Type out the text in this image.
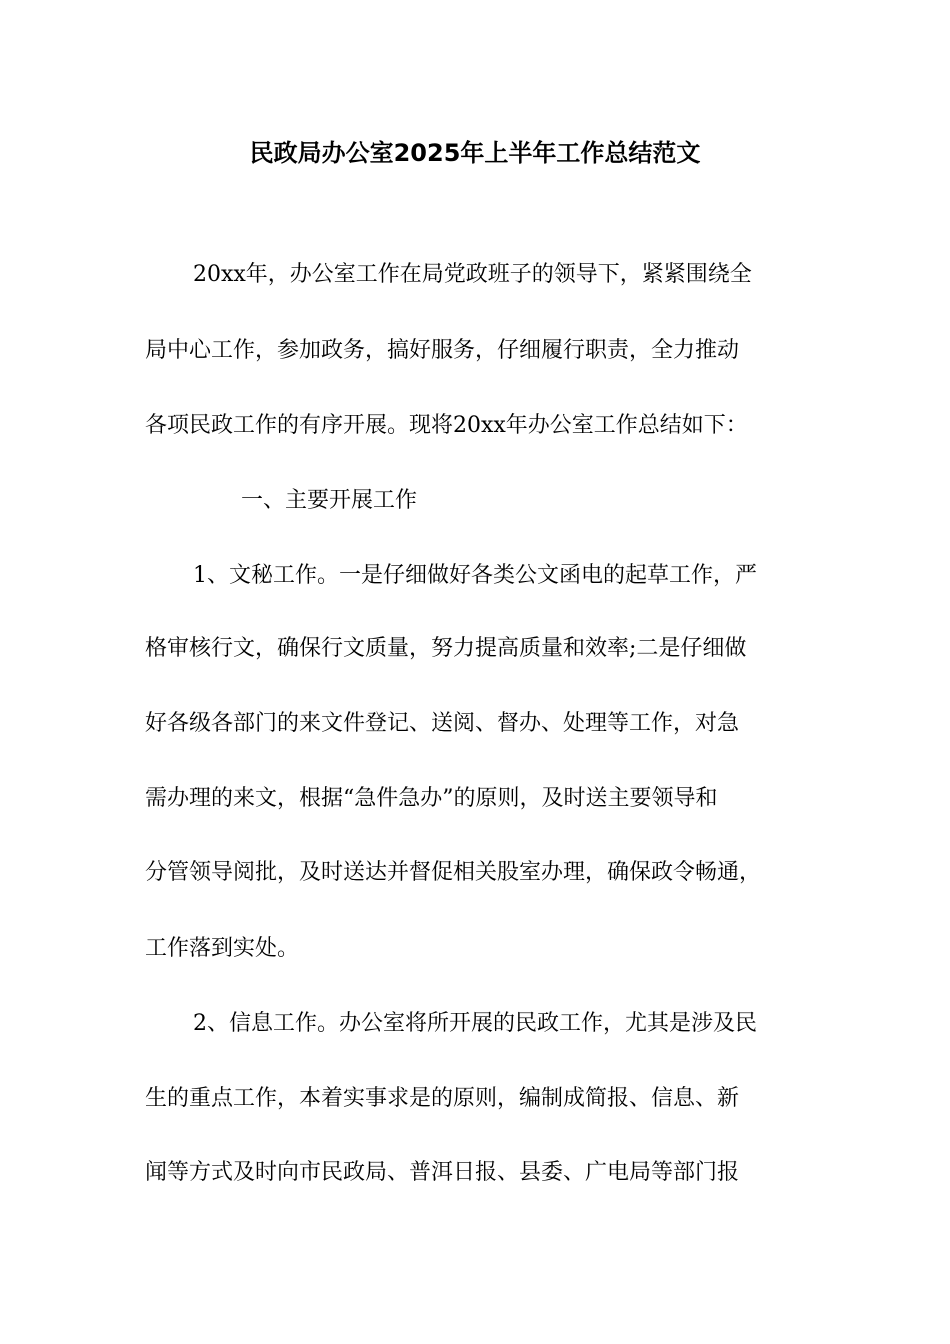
民政局办公室2025年上半年工作总结范文
20xx年，办公室工作在局党政班子的领导下，紧紧围绕全
局中心工作，参加政务，搞好服务，仔细履行职责，全力推动
各项民政工作的有序开展。现将20xx年办公室工作总结如下：
一、主要开展工作
1、文秘工作。一是仔细做好各类公文函电的起草工作，严
格审核行文，确保行文质量，努力提高质量和效率;二是仔细做
好各级各部门的来文件登记、送阅、督办、处理等工作，对急
需办理的来文，根据“急件急办”的原则，及时送主要领导和
分管领导阅批，及时送达并督促相关股室办理，确保政令畅通，
工作落到实处。
2、信息工作。办公室将所开展的民政工作，尤其是涉及民
生的重点工作，本着实事求是的原则，编制成简报、信息、新
闻等方式及时向市民政局、普洱日报、县委、广电局等部门报
